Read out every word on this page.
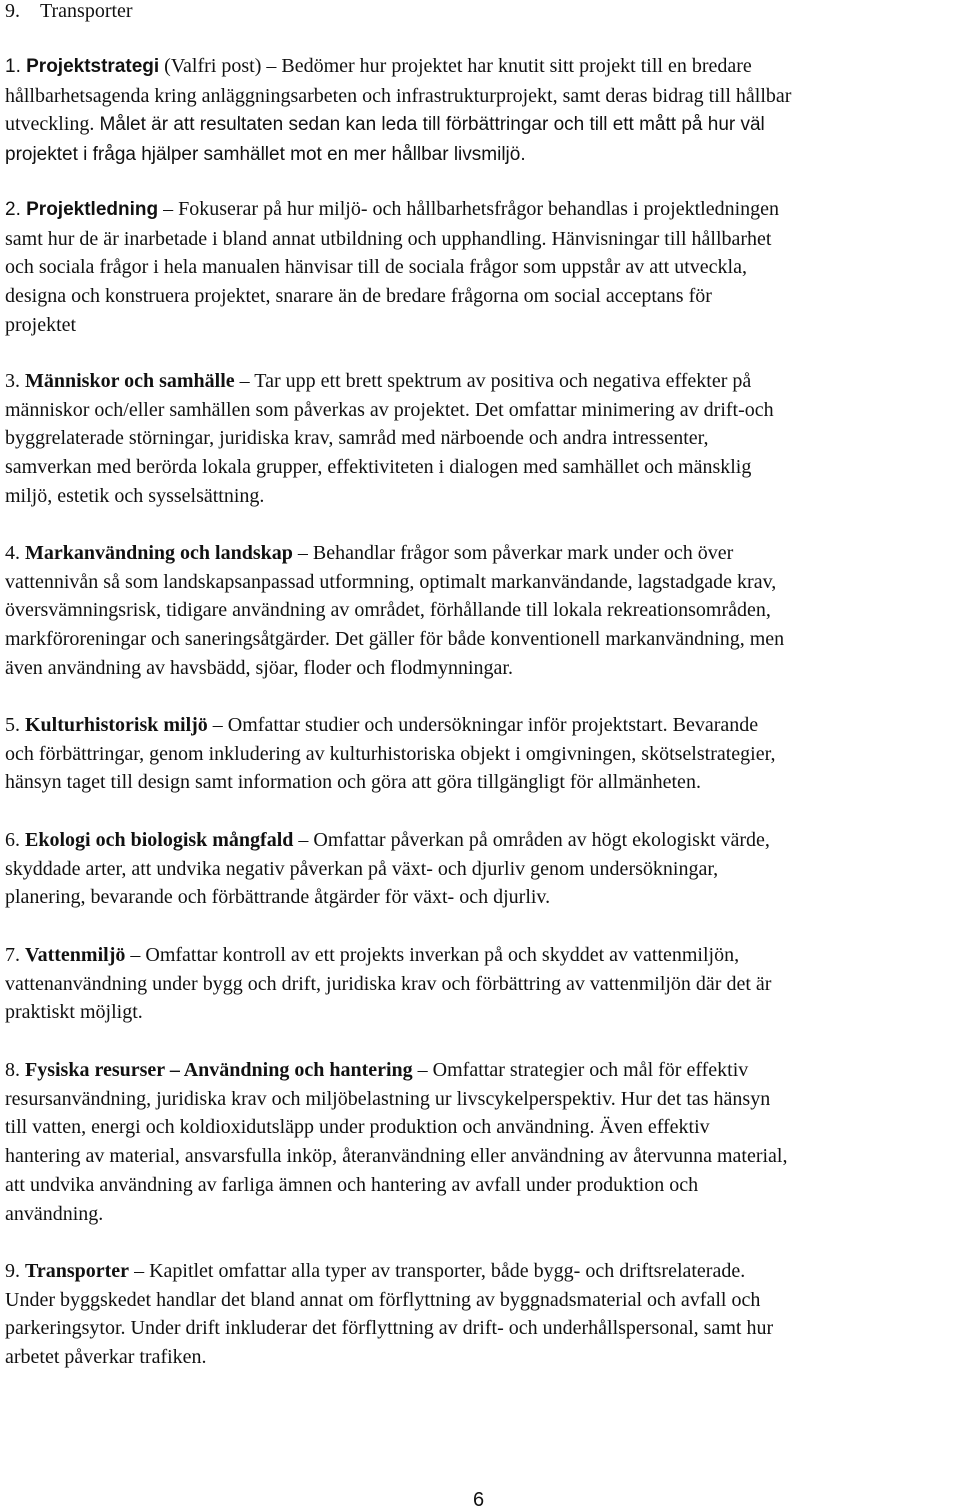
9. Transporter
1. Projektstrategi (Valfri post) – Bedömer hur projektet har knutit sitt projekt till en bredare
hållbarhetsagenda kring anläggningsarbeten och infrastrukturprojekt, samt deras bidrag till hållbar
utveckling. Målet är att resultaten sedan kan leda till förbättringar och till ett mått på hur väl
projektet i fråga hjälper samhället mot en mer hållbar livsmiljö.
2. Projektledning – Fokuserar på hur miljö- och hållbarhetsfrågor behandlas i projektledningen
samt hur de är inarbetade i bland annat utbildning och upphandling. Hänvisningar till hållbarhet
och sociala frågor i hela manualen hänvisar till de sociala frågor som uppstår av att utveckla,
designa och konstruera projektet, snarare än de bredare frågorna om social acceptans för
projektet
3. Människor och samhälle – Tar upp ett brett spektrum av positiva och negativa effekter på
människor och/eller samhällen som påverkas av projektet. Det omfattar minimering av drift-och
byggrelaterade störningar, juridiska krav, samråd med närboende och andra intressenter,
samverkan med berörda lokala grupper, effektiviteten i dialogen med samhället och mänsklig
miljö, estetik och sysselsättning.
4. Markanvändning och landskap – Behandlar frågor som påverkar mark under och över
vattennivån så som landskapsanpassad utformning, optimalt markanvändande, lagstadgade krav,
översvämningsrisk, tidigare användning av området, förhållande till lokala rekreationsområden,
markföroreningar och saneringsåtgärder. Det gäller för både konventionell markanvändning, men
även användning av havsbädd, sjöar, floder och flodmynningar.
5. Kulturhistorisk miljö – Omfattar studier och undersökningar inför projektstart. Bevarande
och förbättringar, genom inkludering av kulturhistoriska objekt i omgivningen, skötselstrategier,
hänsyn taget till design samt information och göra att göra tillgängligt för allmänheten.
6. Ekologi och biologisk mångfald – Omfattar påverkan på områden av högt ekologiskt värde,
skyddade arter, att undvika negativ påverkan på växt- och djurliv genom undersökningar,
planering, bevarande och förbättrande åtgärder för växt- och djurliv.
7. Vattenmiljö – Omfattar kontroll av ett projekts inverkan på och skyddet av vattenmiljön,
vattenanvändning under bygg och drift, juridiska krav och förbättring av vattenmiljön där det är
praktiskt möjligt.
8. Fysiska resurser – Användning och hantering – Omfattar strategier och mål för effektiv
resursanvändning, juridiska krav och miljöbelastning ur livscykelperspektiv. Hur det tas hänsyn
till vatten, energi och koldioxidutsläpp under produktion och användning. Även effektiv
hantering av material, ansvarsfulla inköp, återanvändning eller användning av återvunna material,
att undvika användning av farliga ämnen och hantering av avfall under produktion och
användning.
9. Transporter – Kapitlet omfattar alla typer av transporter, både bygg- och driftsrelaterade.
Under byggskedet handlar det bland annat om förflyttning av byggnadsmaterial och avfall och
parkeringsytor. Under drift inkluderar det förflyttning av drift- och underhållspersonal, samt hur
arbetet påverkar trafiken.
6
